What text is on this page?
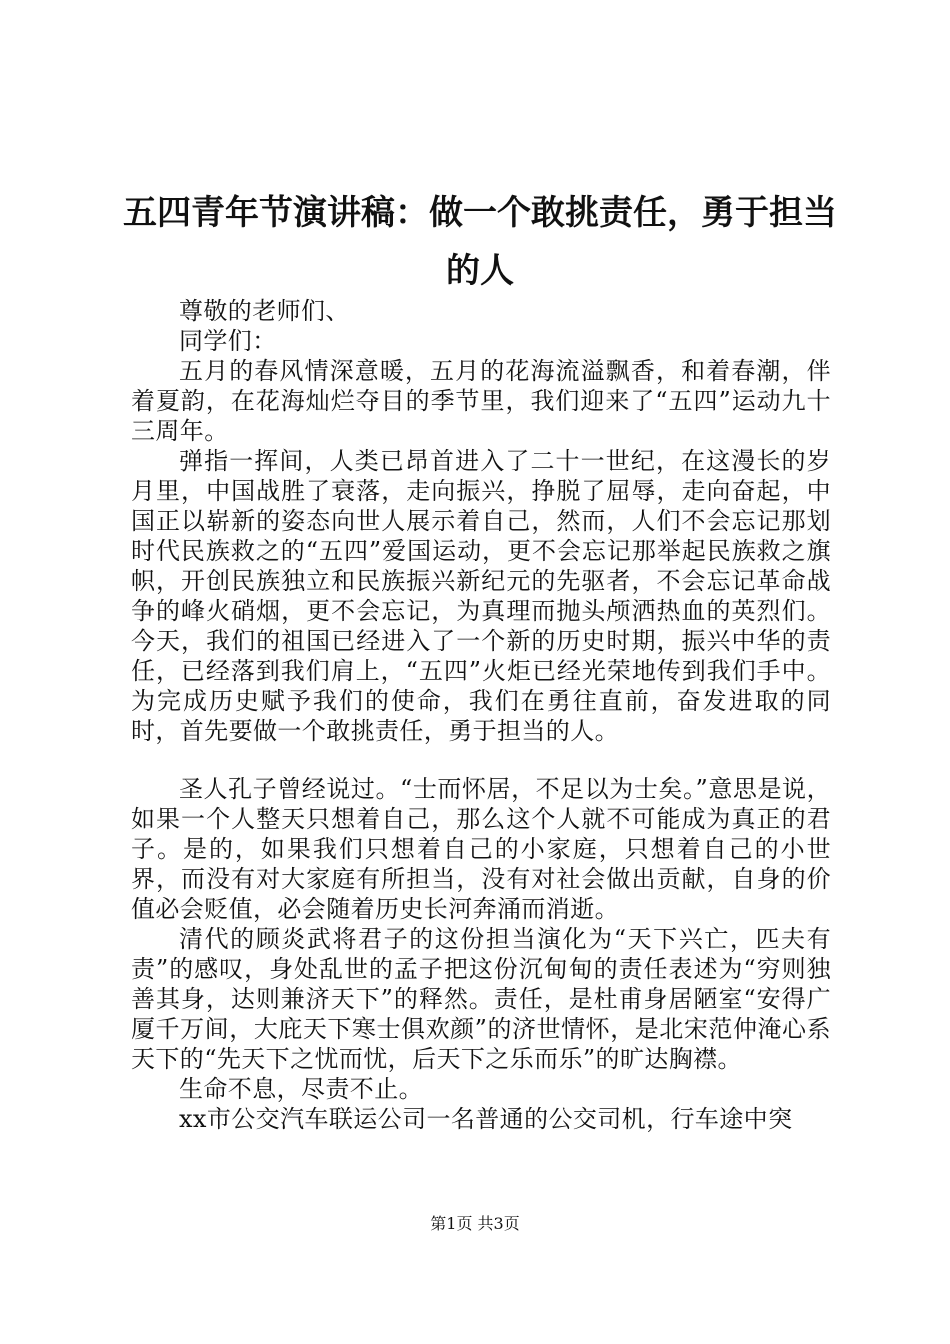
五四青年节演讲稿：做一个敢挑责任，勇于担当的人

尊敬的老师们、

同学们：

五月的春风情深意暖，五月的花海流溢飘香，和着春潮，伴着夏韵，在花海灿烂夺目的季节里，我们迎来了“五四”运动九十三周年。

弹指一挥间，人类已昂首进入了二十一世纪，在这漫长的岁月里，中国战胜了衰落，走向振兴，挣脱了屈辱，走向奋起，中国正以崭新的姿态向世人展示着自己，然而，人们不会忘记那划时代民族救之的“五四”爱国运动，更不会忘记那举起民族救之旗帜，开创民族独立和民族振兴新纪元的先驱者，不会忘记革命战争的峰火硝烟，更不会忘记，为真理而抛头颅洒热血的英烈们。今天，我们的祖国已经进入了一个新的历史时期，振兴中华的责任，已经落到我们肩上，“五四”火炬已经光荣地传到我们手中。为完成历史赋予我们的使命，我们在勇往直前，奋发进取的同时，首先要做一个敢挑责任，勇于担当的人。

圣人孔子曾经说过。“士而怀居，不足以为士矣。”意思是说，如果一个人整天只想着自己，那么这个人就不可能成为真正的君子。是的，如果我们只想着自己的小家庭，只想着自己的小世界，而没有对大家庭有所担当，没有对社会做出贡献，自身的价值必会贬值，必会随着历史长河奔涌而消逝。

清代的顾炎武将君子的这份担当演化为“天下兴亡，匹夫有责”的感叹，身处乱世的孟子把这份沉甸甸的责任表述为“穷则独善其身，达则兼济天下”的释然。责任，是杜甫身居陋室“安得广厦千万间，大庇天下寒士俱欢颜”的济世情怀，是北宋范仲淹心系天下的“先天下之忧而忧，后天下之乐而乐”的旷达胸襟。

生命不息，尽责不止。

xx市公交汽车联运公司一名普通的公交司机，行车途中突

第1页 共3页
